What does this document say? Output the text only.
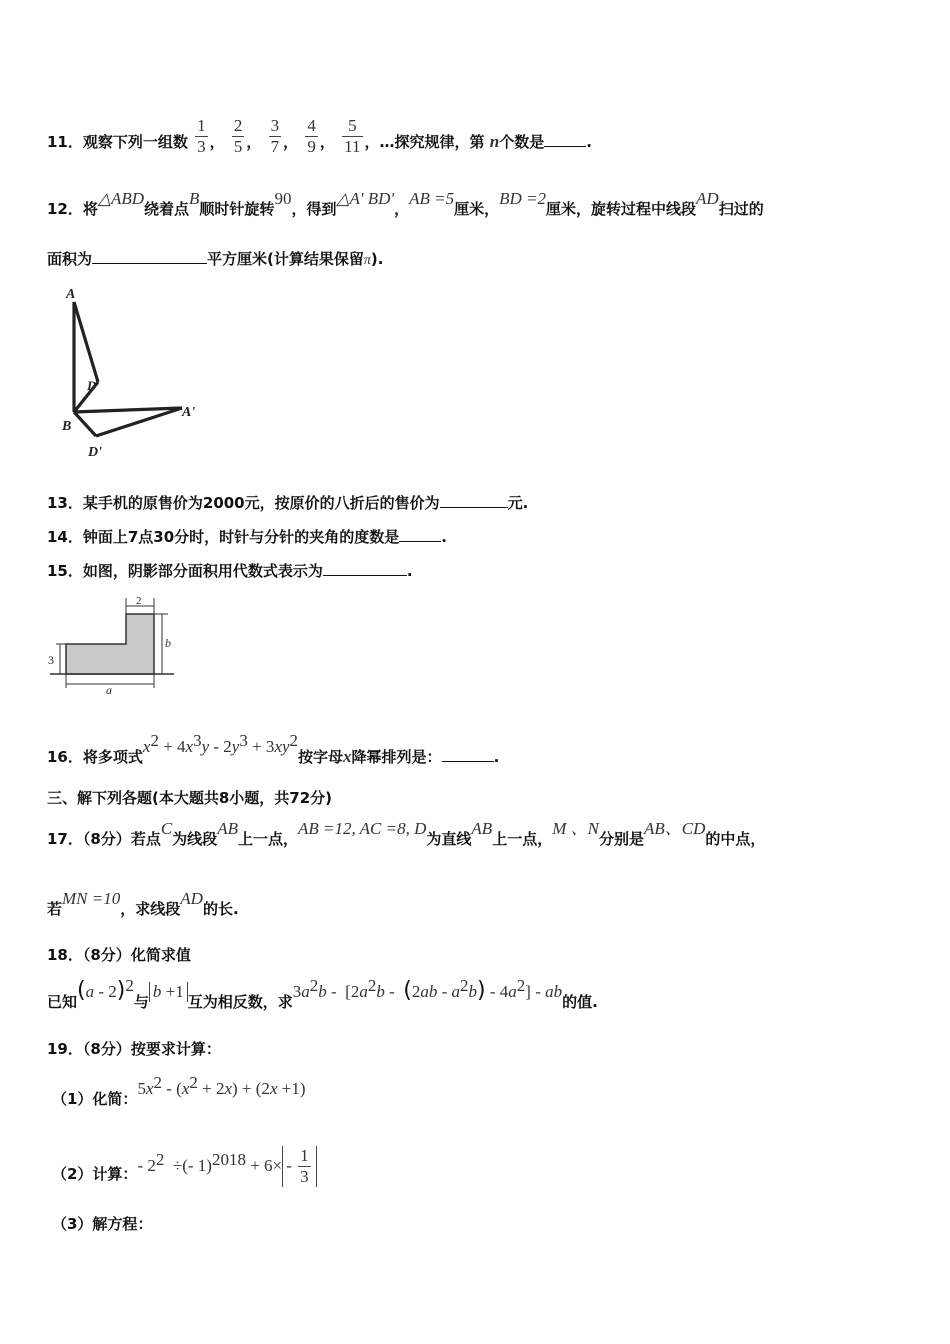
11．观察下列一组数 $\frac{1}{3}$ ， $\frac{2}{5}$ ， $\frac{3}{7}$ ， $\frac{4}{9}$ ， $\frac{5}{11}$ ，…探究规律，第 n个数是	.
12．将△ABD绕着点B顺时针旋转90，得到△A' BD'，AB =5厘米，BD =2厘米，旋转过程中线段AD扫过的
面积为	平方厘米(计算结果保留π).
A
D
B
A'
D'
13．某手机的原售价为2000元，按原价的八折后的售价为	元.
14．钟面上7点30分时，时针与分针的夹角的度数是	.
15．如图，阴影部分面积用代数式表示为	.
2
b
3
a
16．将多项式$x^2 + 4x^3y - 2y^3 + 3xy^2$按字母x降幂排列是：	.
三、解下列各题(本大题共8小题，共72分)
17．（8分）若点C为线段AB上一点，AB =12, AC =8, D为直线AB上一点，M 、N分别是AB、CD的中点，
若MN =10，求线段AD的长.
18．（8分）化简求值
已知(a - 2)$^2$与b +1互为相反数，求$3a^2b - [2a^2b - (2ab - a^2b) - 4a^2]$ - ab的值.
19．（8分）按要求计算：
（1）化简：$5x^2 - (x^2 + 2x) + (2x +1)$
（2）计算：- $2^2$  ÷(- $1)^{2018} + 6\times - \frac{1}{3}$
（3）解方程：
